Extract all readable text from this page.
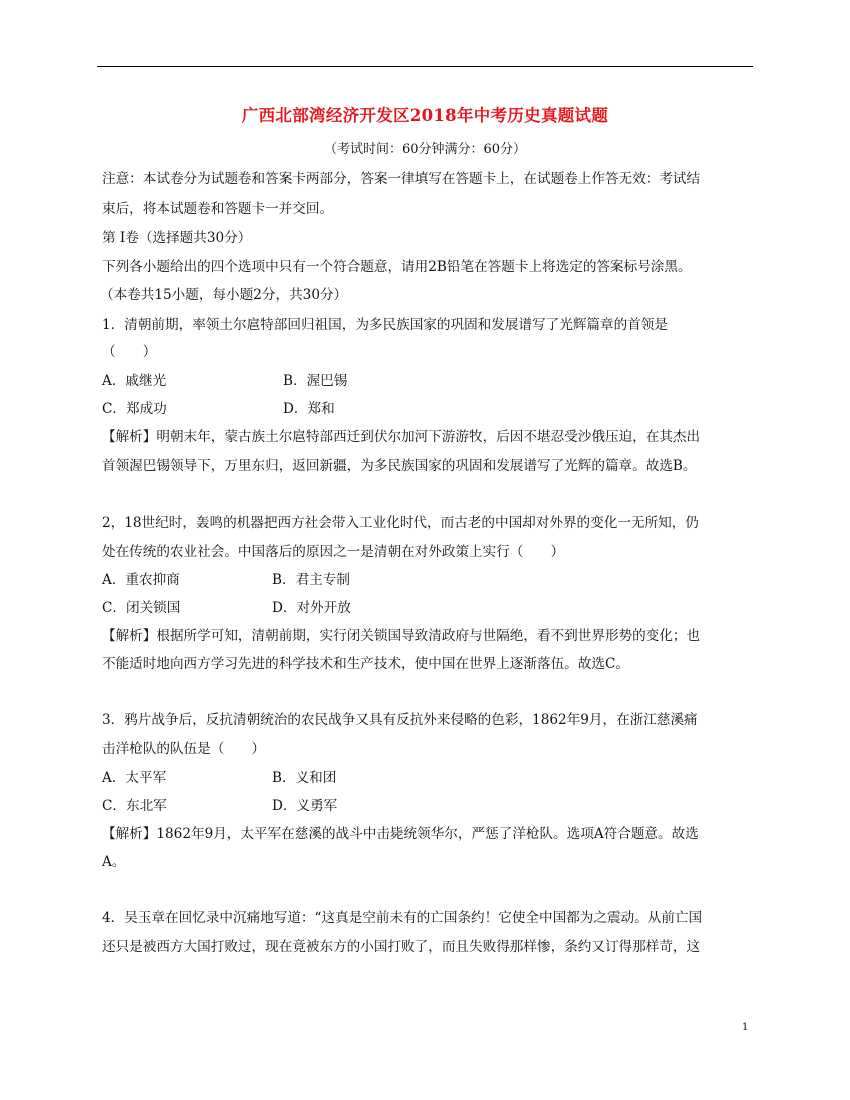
广西北部湾经济开发区2018年中考历史真题试题
（考试时间：60分钟满分：60分）
注意：本试卷分为试题卷和答案卡两部分，答案一律填写在答题卡上，在试题卷上作答无效：考试结
束后，将本试题卷和答题卡一并交回。
第 Ⅰ卷（选择题共30分）
下列各小题给出的四个选项中只有一个符合题意，请用2B铅笔在答题卡上将选定的答案标号涂黑。
（本卷共15小题，每小题2分，共30分）
1．清朝前期，率领土尔扈特部回归祖国，为多民族国家的巩固和发展谱写了光辉篇章的首领是
（　　）
A．戚继光	B．渥巴锡
C．郑成功	D．郑和
【解析】明朝末年，蒙古族土尔扈特部西迁到伏尔加河下游游牧，后因不堪忍受沙俄压迫，在其杰出
首领渥巴锡领导下，万里东归，返回新疆，为多民族国家的巩固和发展谱写了光辉的篇章。故选B。
2，18世纪时，轰鸣的机器把西方社会带入工业化时代，而古老的中国却对外界的变化一无所知，仍
处在传统的农业社会。中国落后的原因之一是清朝在对外政策上实行（　　）
A．重农抑商	B．君主专制
C．闭关锁国	D．对外开放
【解析】根据所学可知，清朝前期，实行闭关锁国导致清政府与世隔绝，看不到世界形势的变化；也
不能适时地向西方学习先进的科学技术和生产技术，使中国在世界上逐渐落伍。故选C。
3．鸦片战争后，反抗清朝统治的农民战争又具有反抗外来侵略的色彩，1862年9月，在浙江慈溪痛
击洋枪队的队伍是（　　）
A．太平军	B．义和团
C．东北军	D．义勇军
【解析】1862年9月，太平军在慈溪的战斗中击毙统领华尔，严惩了洋枪队。选项A符合题意。故选
A。
4．吴玉章在回忆录中沉痛地写道：“这真是空前未有的亡国条约！它使全中国都为之震动。从前亡国
还只是被西方大国打败过，现在竟被东方的小国打败了，而且失败得那样惨，条约又订得那样苛，这
1
